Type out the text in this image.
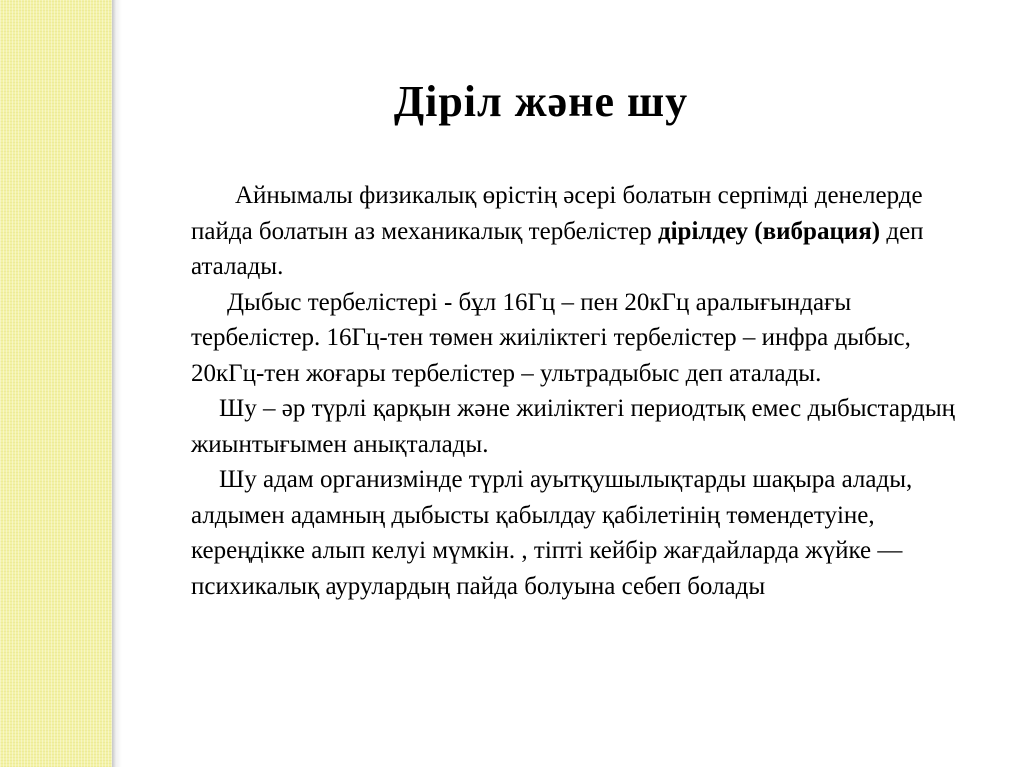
Діріл және шу

Айнымалы физикалық өрістің әсері болатын серпімді денелерде пайда болатын аз механикалық тербелістер дірілдеу (вибрация) деп аталады.

Дыбыс тербелістері - бұл 16Гц – пен 20кГц аралығындағы тербелістер. 16Гц-тен төмен жиіліктегі тербелістер – инфра дыбыс, 20кГц-тен жоғары тербелістер – ультрадыбыс деп аталады.

Шу – әр түрлі қарқын және жиіліктегі периодтық емес дыбыстардың жиынтығымен анықталады.

Шу адам организмінде түрлі ауытқушылықтарды шақыра алады, алдымен адамның дыбысты қабылдау қабілетінің төмендетуіне, кереңдікке алып келуі мүмкін. , тіпті кейбір жағдайларда жүйке — психикалық аурулардың пайда болуына себеп болады
